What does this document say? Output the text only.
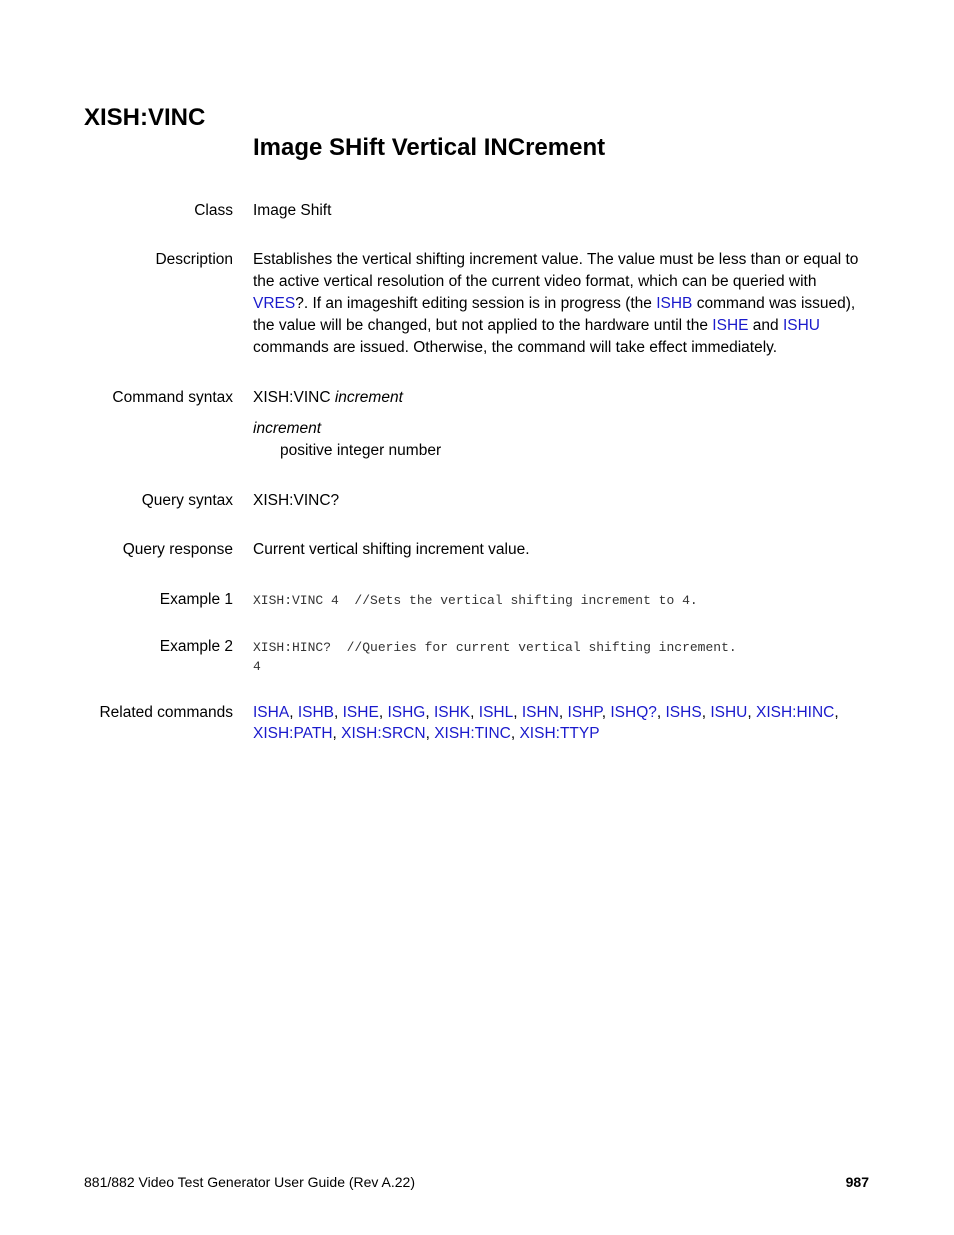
XISH:VINC
Image SHift Vertical INCrement
Class Image Shift
Description Establishes the vertical shifting increment value. The value must be less than or equal to the active vertical resolution of the current video format, which can be queried with VRES?. If an imageshift editing session is in progress (the ISHB command was issued), the value will be changed, but not applied to the hardware until the ISHE and ISHU commands are issued. Otherwise, the command will take effect immediately.
Command syntax XISH:VINC increment
increment
positive integer number
Query syntax XISH:VINC?
Query response Current vertical shifting increment value.
Example 1 XISH:VINC 4  //Sets the vertical shifting increment to 4.
Example 2 XISH:HINC?  //Queries for current vertical shifting increment.
4
Related commands ISHA, ISHB, ISHE, ISHG, ISHK, ISHL, ISHN, ISHP, ISHQ?, ISHS, ISHU, XISH:HINC, XISH:PATH, XISH:SRCN, XISH:TINC, XISH:TTYP
881/882 Video Test Generator User Guide (Rev A.22)	987
